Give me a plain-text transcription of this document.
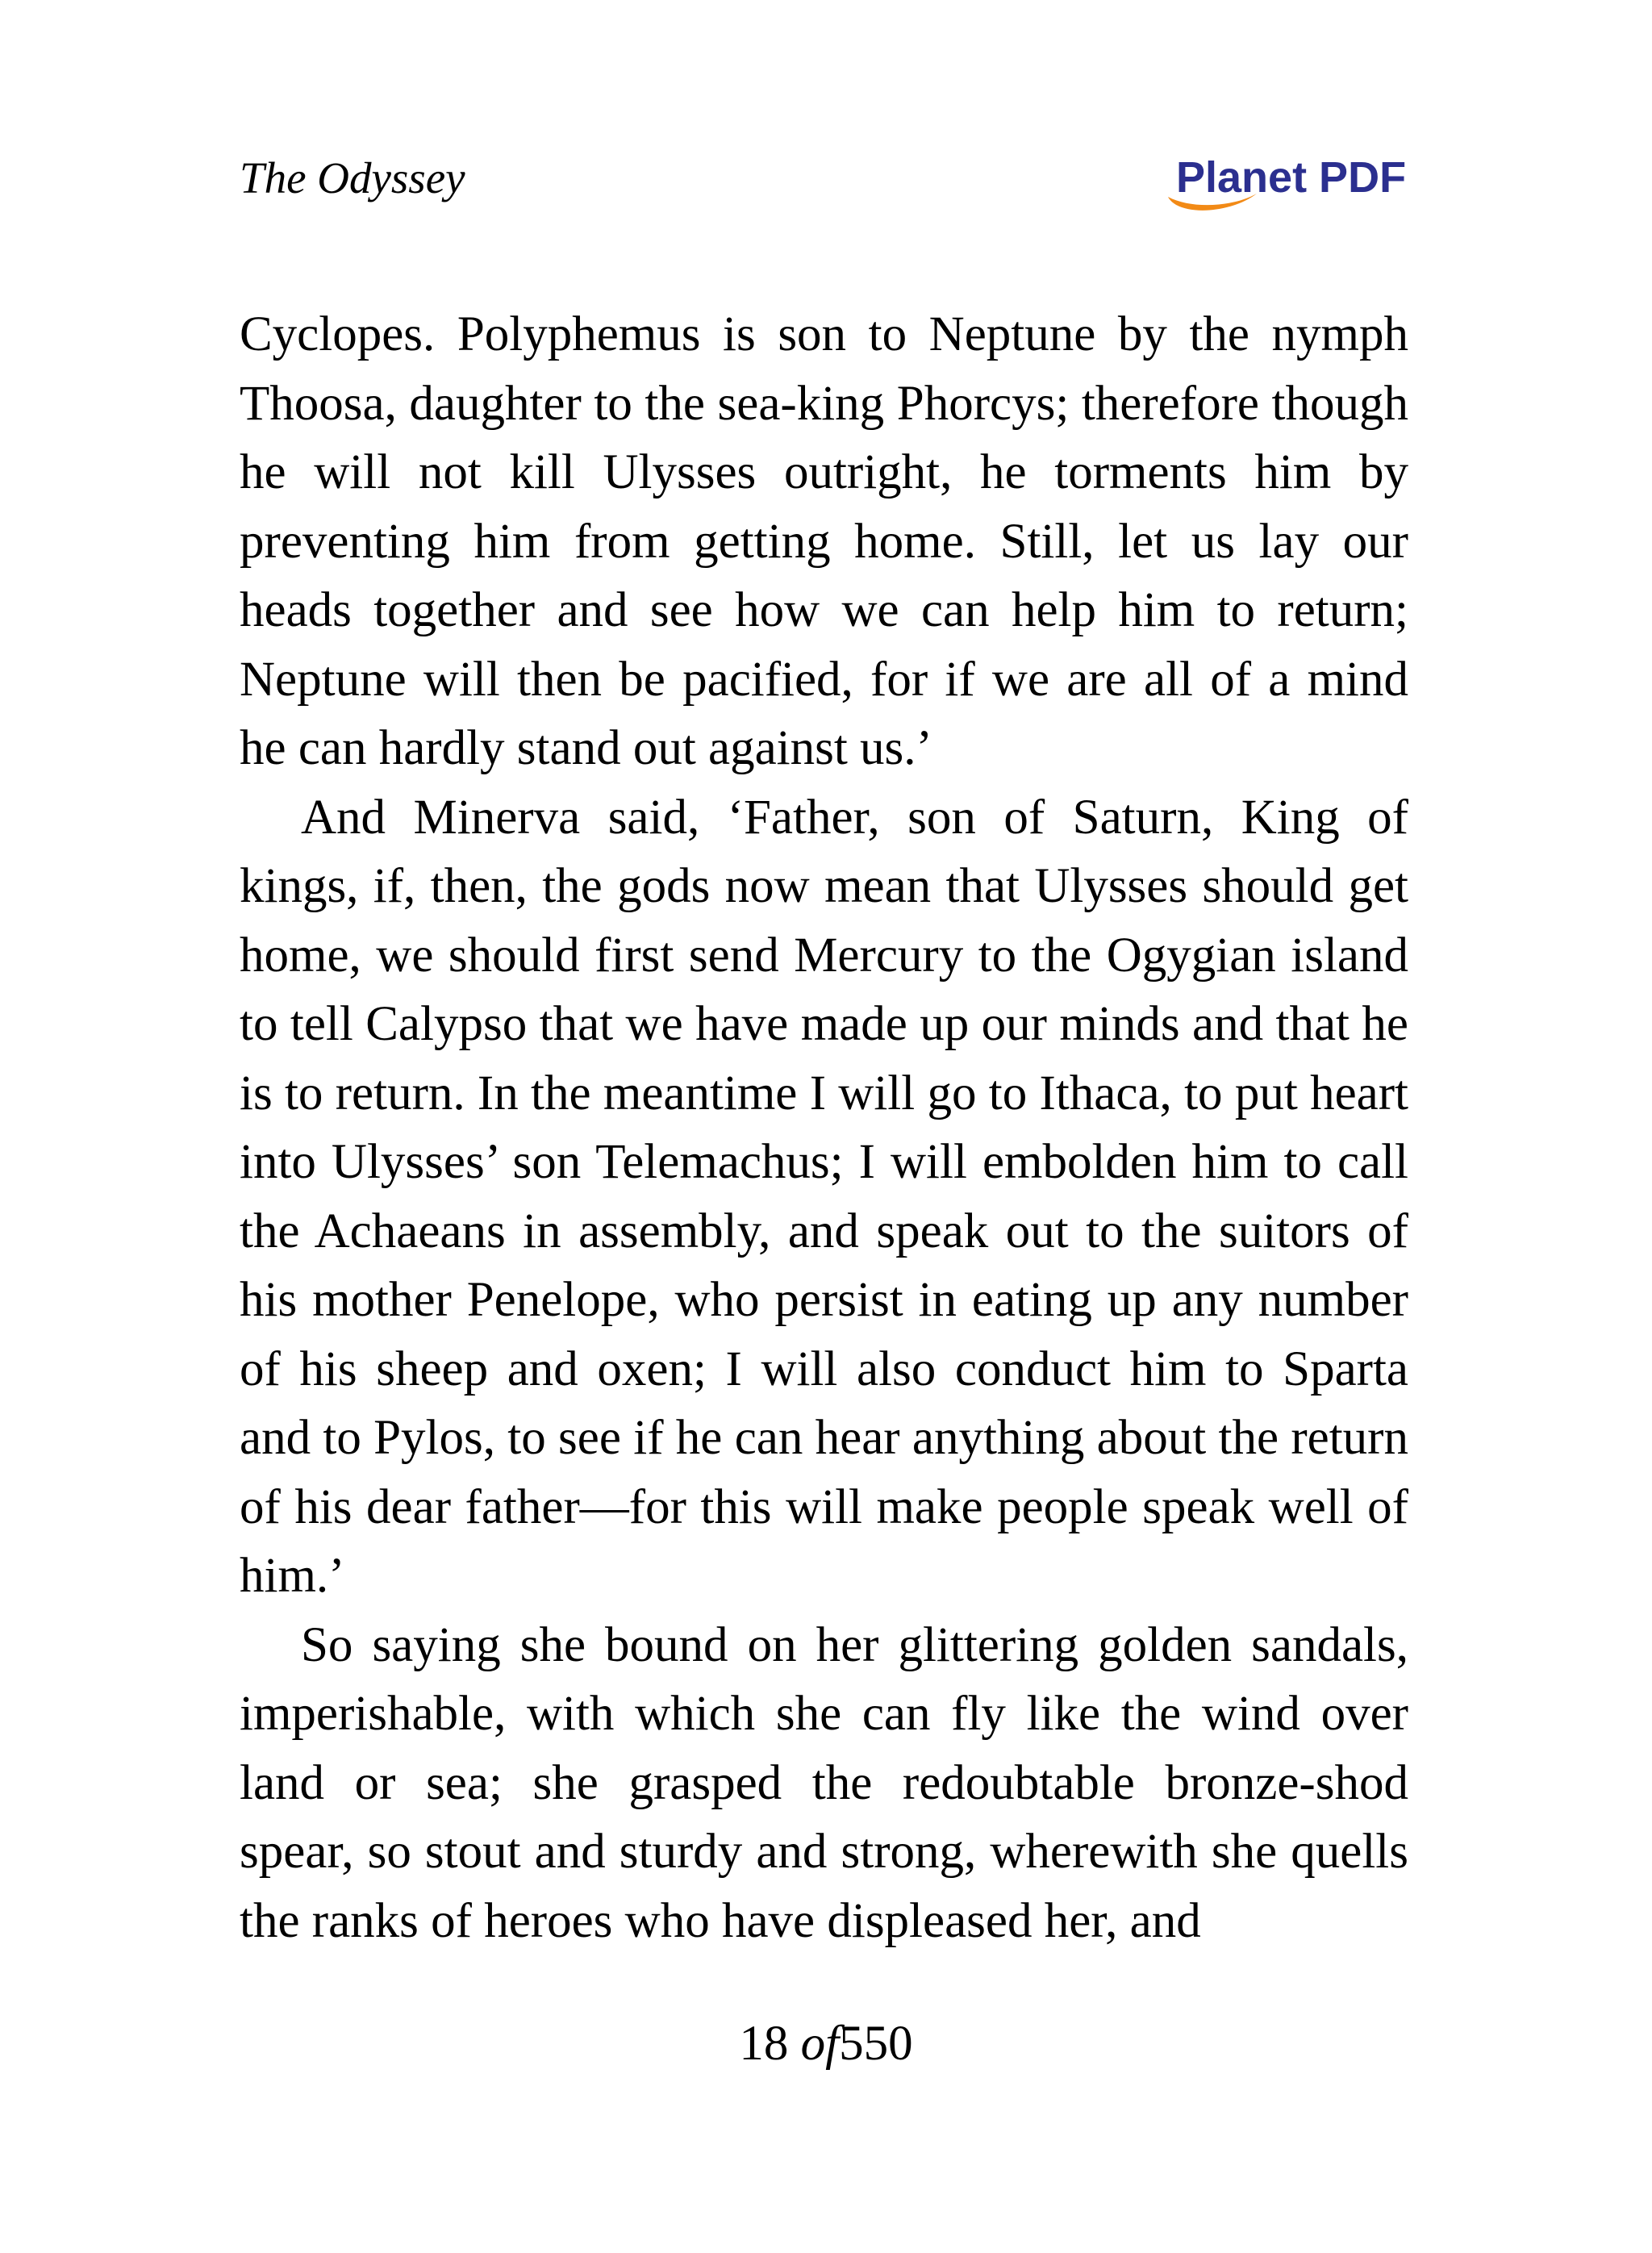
The Odyssey	Planet PDF

Cyclopes. Polyphemus is son to Neptune by the nymph Thoosa, daughter to the sea-king Phorcys; therefore though he will not kill Ulysses outright, he torments him by preventing him from getting home. Still, let us lay our heads together and see how we can help him to return; Neptune will then be pacified, for if we are all of a mind he can hardly stand out against us.’

And Minerva said, ‘Father, son of Saturn, King of kings, if, then, the gods now mean that Ulysses should get home, we should first send Mercury to the Ogygian island to tell Calypso that we have made up our minds and that he is to return. In the meantime I will go to Ithaca, to put heart into Ulysses’ son Telemachus; I will embolden him to call the Achaeans in assembly, and speak out to the suitors of his mother Penelope, who persist in eating up any number of his sheep and oxen; I will also conduct him to Sparta and to Pylos, to see if he can hear anything about the return of his dear father—for this will make people speak well of him.’

So saying she bound on her glittering golden sandals, imperishable, with which she can fly like the wind over land or sea; she grasped the redoubtable bronze-shod spear, so stout and sturdy and strong, wherewith she quells the ranks of heroes who have displeased her, and

18 of550
